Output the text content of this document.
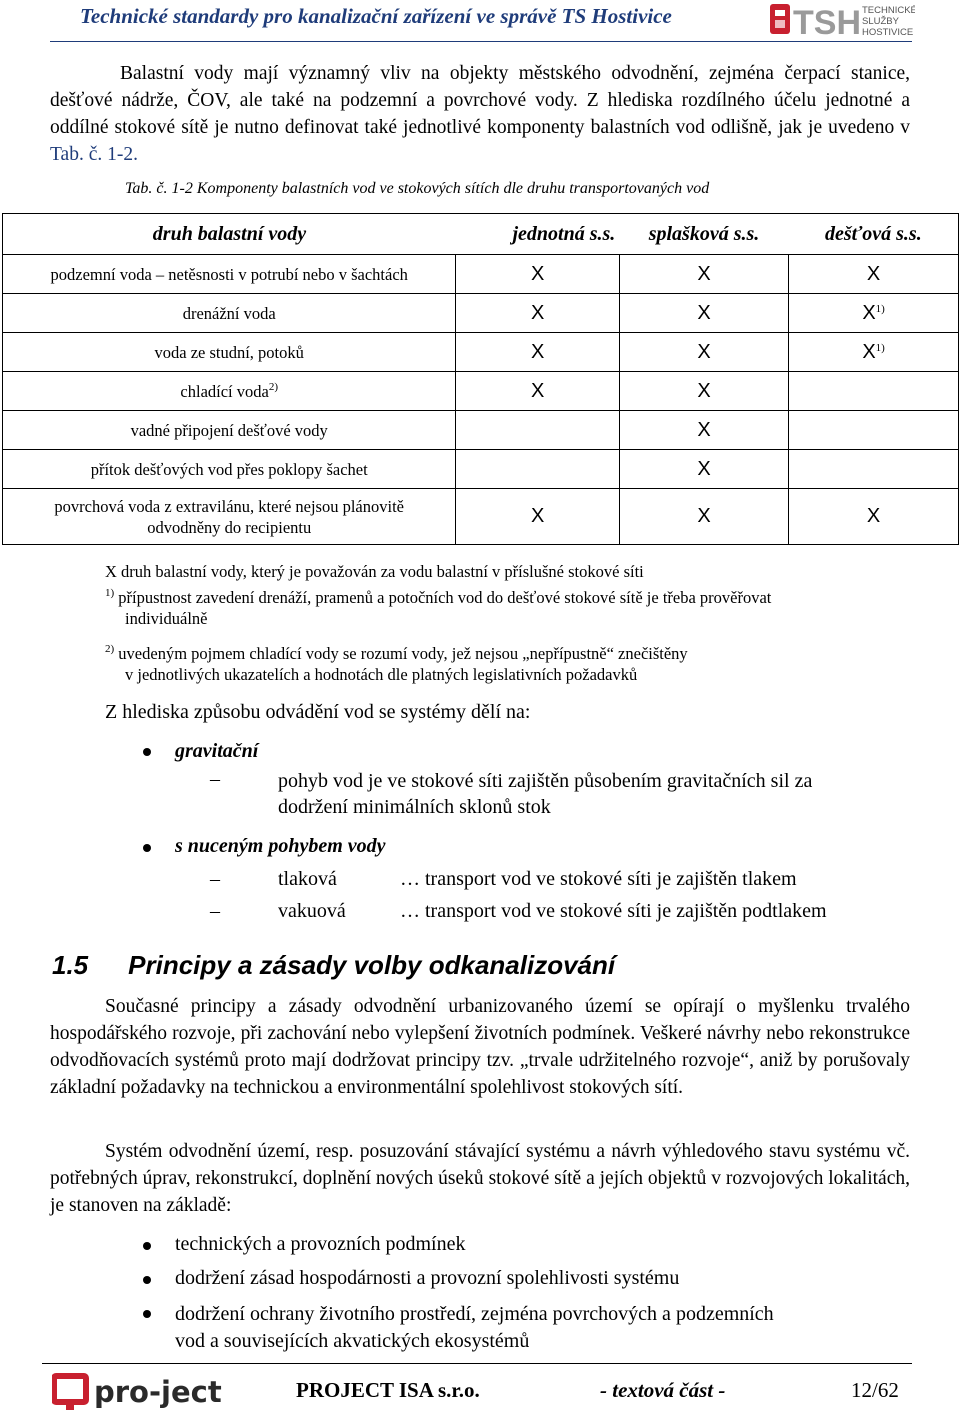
Technické standardy pro kanalizační zařízení ve správě TS Hostivice	TSH TECHNICKÉ
SLUŽBY
HOSTIVICE
Balastní vody mají významný vliv na objekty městského odvodnění, zejména čerpací stanice, dešťové nádrže, ČOV, ale také na podzemní a povrchové vody. Z hlediska rozdílného účelu jednotné a oddílné stokové sítě je nutno definovat také jednotlivé komponenty balastních vod odlišně, jak je uvedeno v Tab. č. 1-2.
Tab. č. 1-2 Komponenty balastních vod ve stokových sítích dle druhu transportovaných vod
druh balastní vody	jednotná s.s.	splašková s.s.	dešťová s.s.
podzemní voda – netěsnosti v potrubí nebo v šachtách	X	X	X
drenážní voda	X	X	$X^{1)}$
voda ze studní, potoků	X	X	$X^{1)}$
chladící voda$^{2)}$	X	X	
vadné připojení dešťové vody		X	
přítok dešťových vod přes poklopy šachet		X	

povrchová voda z extravilánu, které nejsou plánovitě
odvodněny do recipientu	X	X	X
X druh balastní vody, který je považován za vodu balastní v příslušné stokové síti
$^{1)}$ přípustnost zavedení drenáží, pramenů a potočních vod do dešťové stokové sítě je třeba prověřovat
individuálně
$^{2)}$ uvedeným pojmem chladící vody se rozumí vody, jež nejsou „nepřípustně“ znečištěny
v jednotlivých ukazatelích a hodnotách dle platných legislativních požadavků
Z hlediska způsobu odvádění vod se systémy dělí na:
gravitační
–	pohyb vod je ve stokové síti zajištěn působením gravitačních sil za
dodržení minimálních sklonů stok
s nuceným pohybem vody
–	tlaková	… transport vod ve stokové síti je zajištěn tlakem
–	vakuová	… transport vod ve stokové síti je zajištěn podtlakem
1.5 Principy a zásady volby odkanalizování
Současné principy a zásady odvodnění urbanizovaného území se opírají o myšlenku trvalého hospodářského rozvoje, při zachování nebo vylepšení životních podmínek. Veškeré návrhy nebo rekonstrukce odvodňovacích systémů proto mají dodržovat principy tzv. „trvale udržitelného rozvoje“, aniž by porušovaly základní požadavky na technickou a environmentální spolehlivost stokových sítí.
Systém odvodnění území, resp. posuzování stávající systému a návrh výhledového stavu systému vč. potřebných úprav, rekonstrukcí, doplnění nových úseků stokové sítě a jejích objektů v rozvojových lokalitách, je stanoven na základě:
technických a provozních podmínek
dodržení zásad hospodárnosti a provozní spolehlivosti systému
dodržení ochrany životního prostředí, zejména povrchových a podzemních
vod a souvisejících akvatických ekosystémů
pro-ject	PROJECT ISA s.r.o.	- textová část -	12/62
